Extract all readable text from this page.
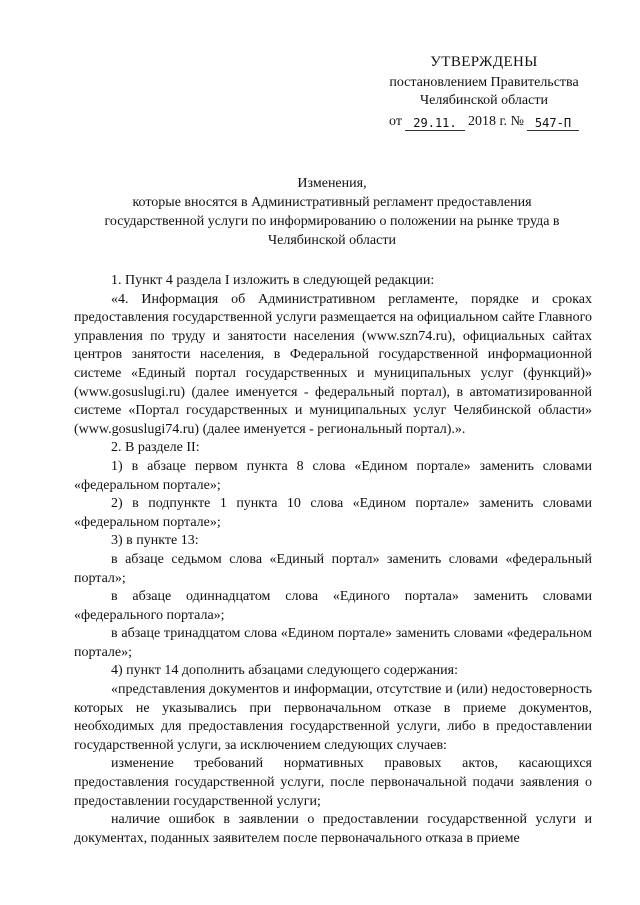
УТВЕРЖДЕНЫ
постановлением Правительства
Челябинской области
от 29.11. 2018 г. № 547-П
Изменения,
которые вносятся в Административный регламент предоставления
государственной услуги по информированию о положении на рынке труда в
Челябинской области

1. Пункт 4 раздела I изложить в следующей редакции:

«4. Информация об Административном регламенте, порядке и сроках предоставления государственной услуги размещается на официальном сайте Главного управления по труду и занятости населения (www.szn74.ru), официальных сайтах центров занятости населения, в Федеральной государственной информационной системе «Единый портал государственных и муниципальных услуг (функций)» (www.gosuslugi.ru) (далее именуется - федеральный портал), в автоматизированной системе «Портал государственных и муниципальных услуг Челябинской области» (www.gosuslugi74.ru) (далее именуется - региональный портал).».

2. В разделе II:

1) в абзаце первом пункта 8 слова «Едином портале» заменить словами «федеральном портале»;

2) в подпункте 1 пункта 10 слова «Едином портале» заменить словами «федеральном портале»;

3) в пункте 13:

в абзаце седьмом слова «Единый портал» заменить словами «федеральный портал»;

в абзаце одиннадцатом слова «Единого портала» заменить словами «федерального портала»;

в абзаце тринадцатом слова «Едином портале» заменить словами «федеральном портале»;

4) пункт 14 дополнить абзацами следующего содержания:

«представления документов и информации, отсутствие и (или) недостоверность которых не указывались при первоначальном отказе в приеме документов, необходимых для предоставления государственной услуги, либо в предоставлении государственной услуги, за исключением следующих случаев:

изменение требований нормативных правовых актов, касающихся предоставления государственной услуги, после первоначальной подачи заявления о предоставлении государственной услуги;

наличие ошибок в заявлении о предоставлении государственной услуги и документах, поданных заявителем после первоначального отказа в приеме
